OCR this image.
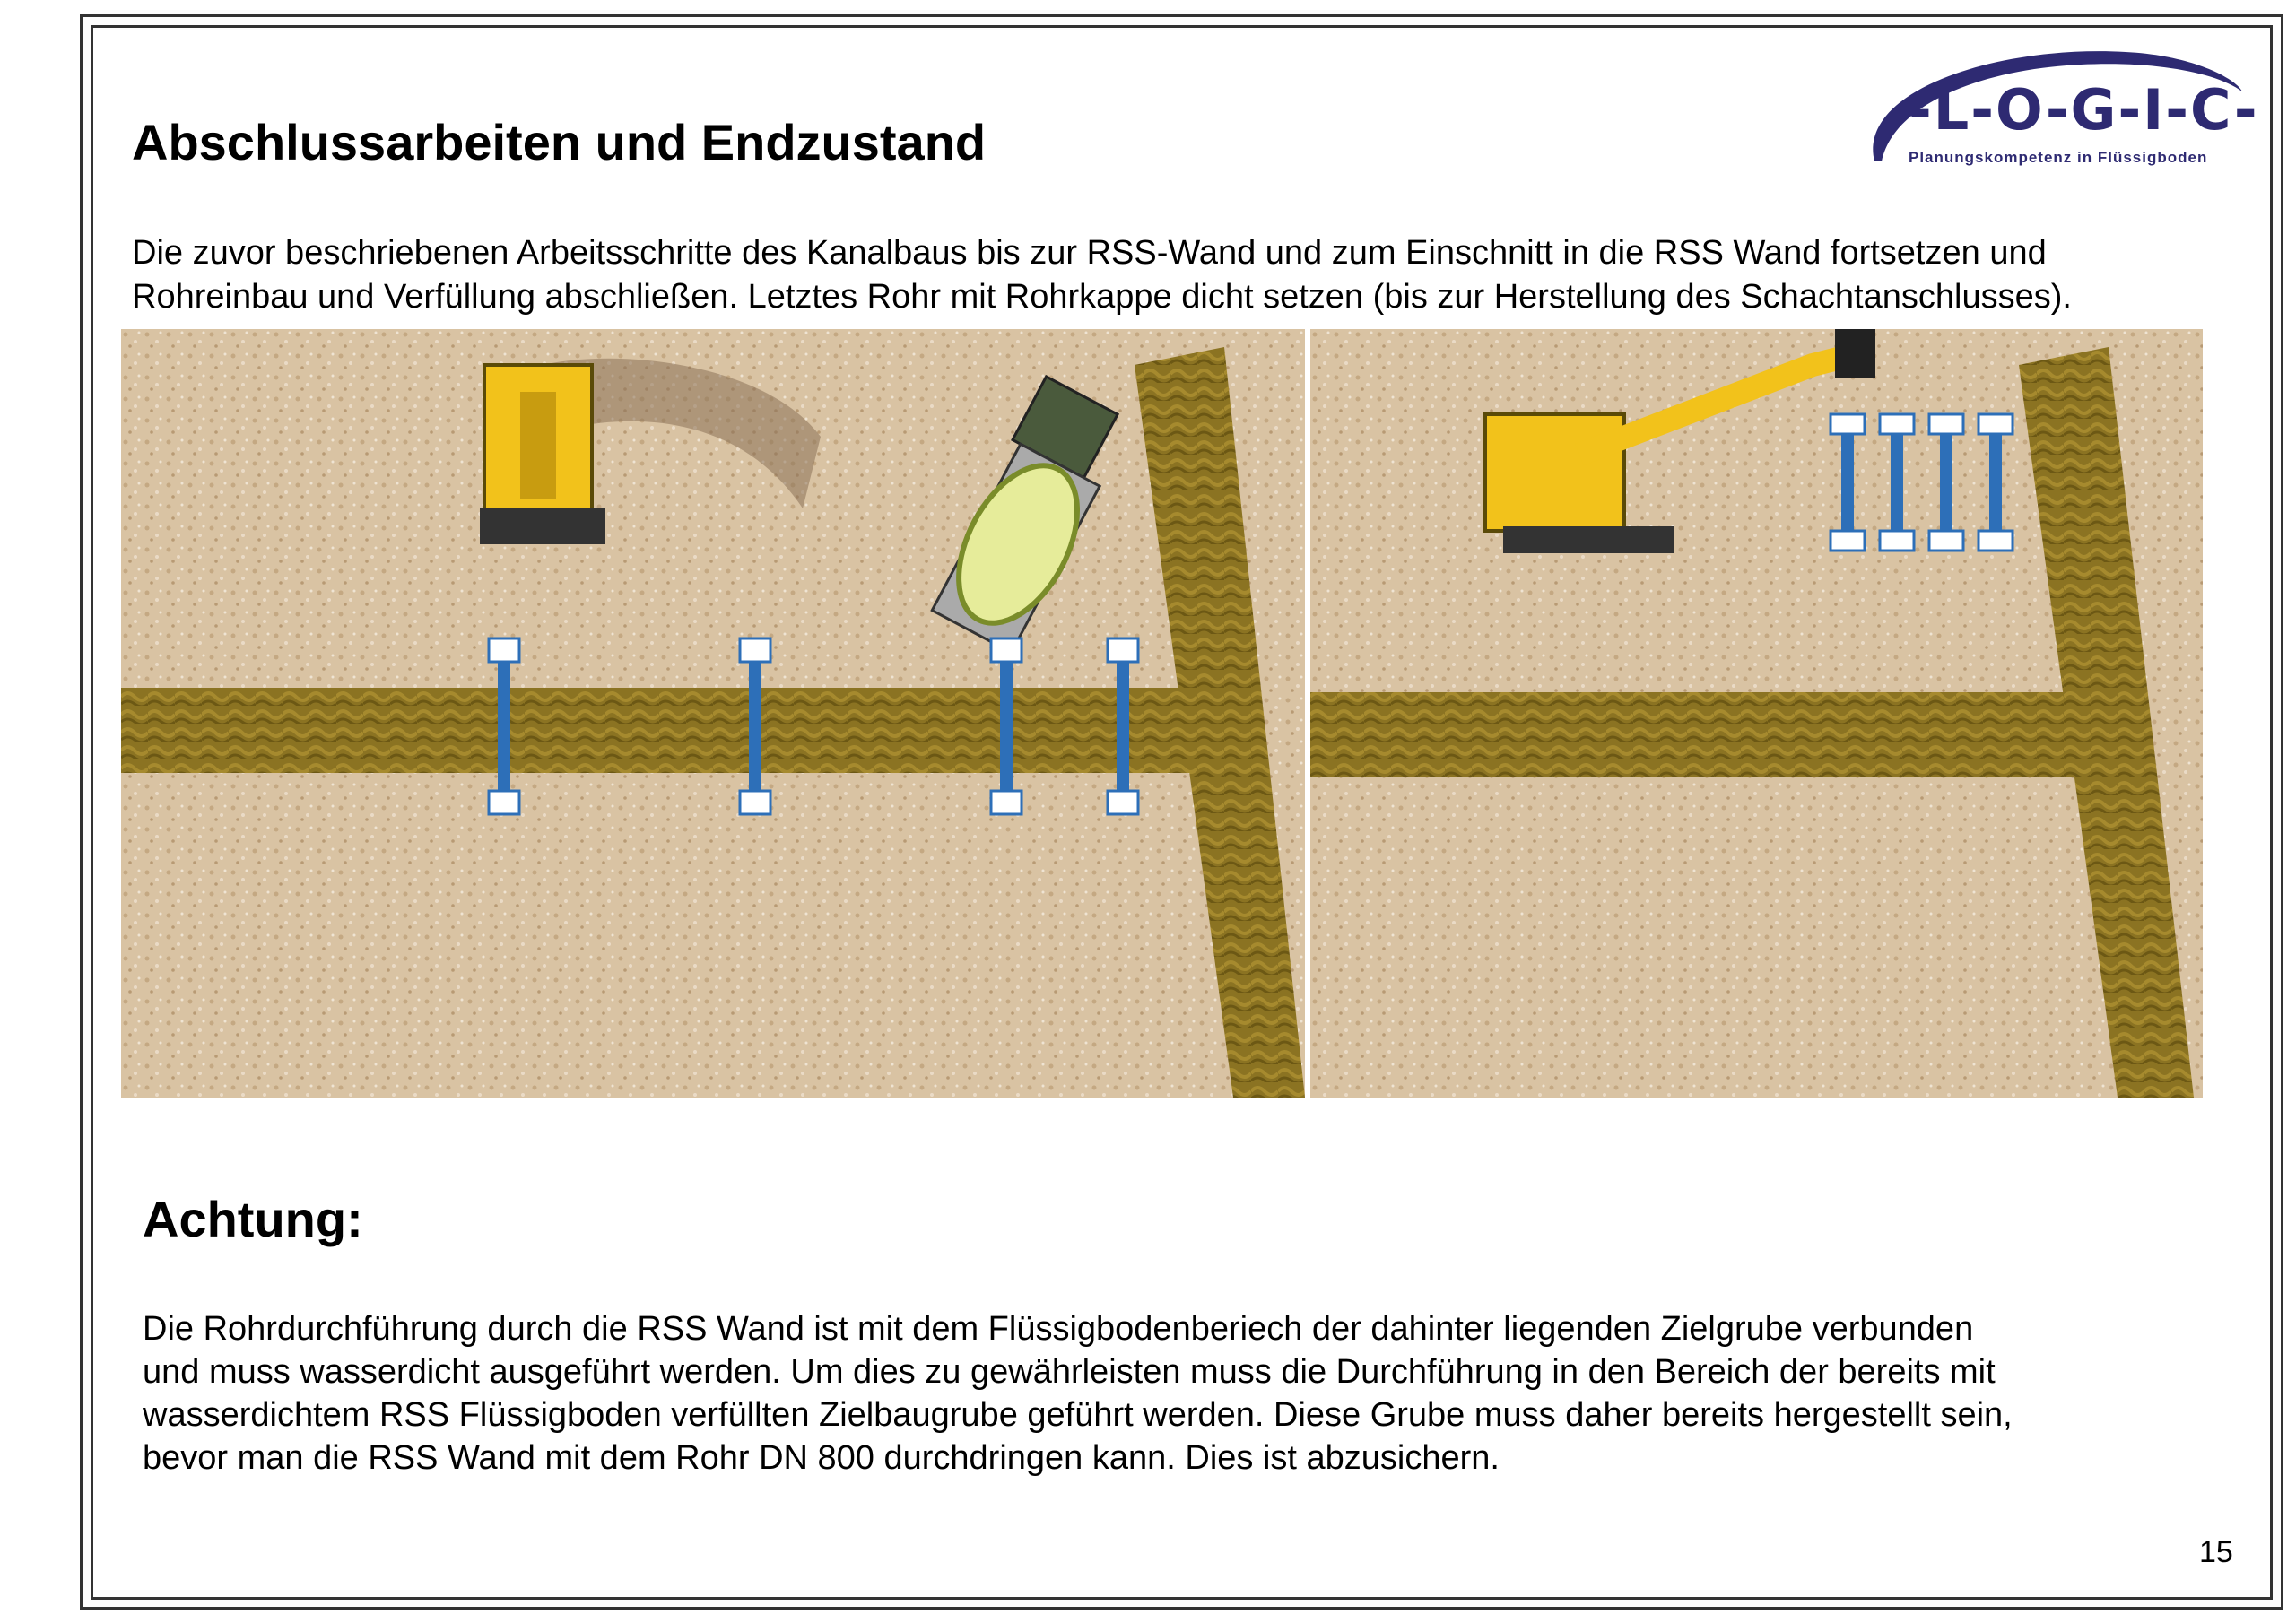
-L-O-G-I-C-
Planungskompetenz in Flüssigboden
Abschlussarbeiten und Endzustand

Die zuvor beschriebenen Arbeitsschritte des Kanalbaus bis zur RSS-Wand und zum Einschnitt in die RSS Wand fortsetzen und

Rohreinbau und Verfüllung abschließen. Letztes Rohr mit Rohrkappe dicht setzen (bis zur Herstellung des Schachtanschlusses).

Achtung:

Die Rohrdurchführung durch die RSS Wand ist mit dem Flüssigbodenberiech der dahinter liegenden Zielgrube verbunden

und muss wasserdicht ausgeführt werden. Um dies zu gewährleisten muss die Durchführung in den Bereich der bereits mit

wasserdichtem RSS Flüssigboden verfüllten Zielbaugrube geführt werden. Diese Grube muss daher bereits hergestellt sein,

bevor man die RSS Wand mit dem Rohr DN 800 durchdringen kann. Dies ist abzusichern.

15
